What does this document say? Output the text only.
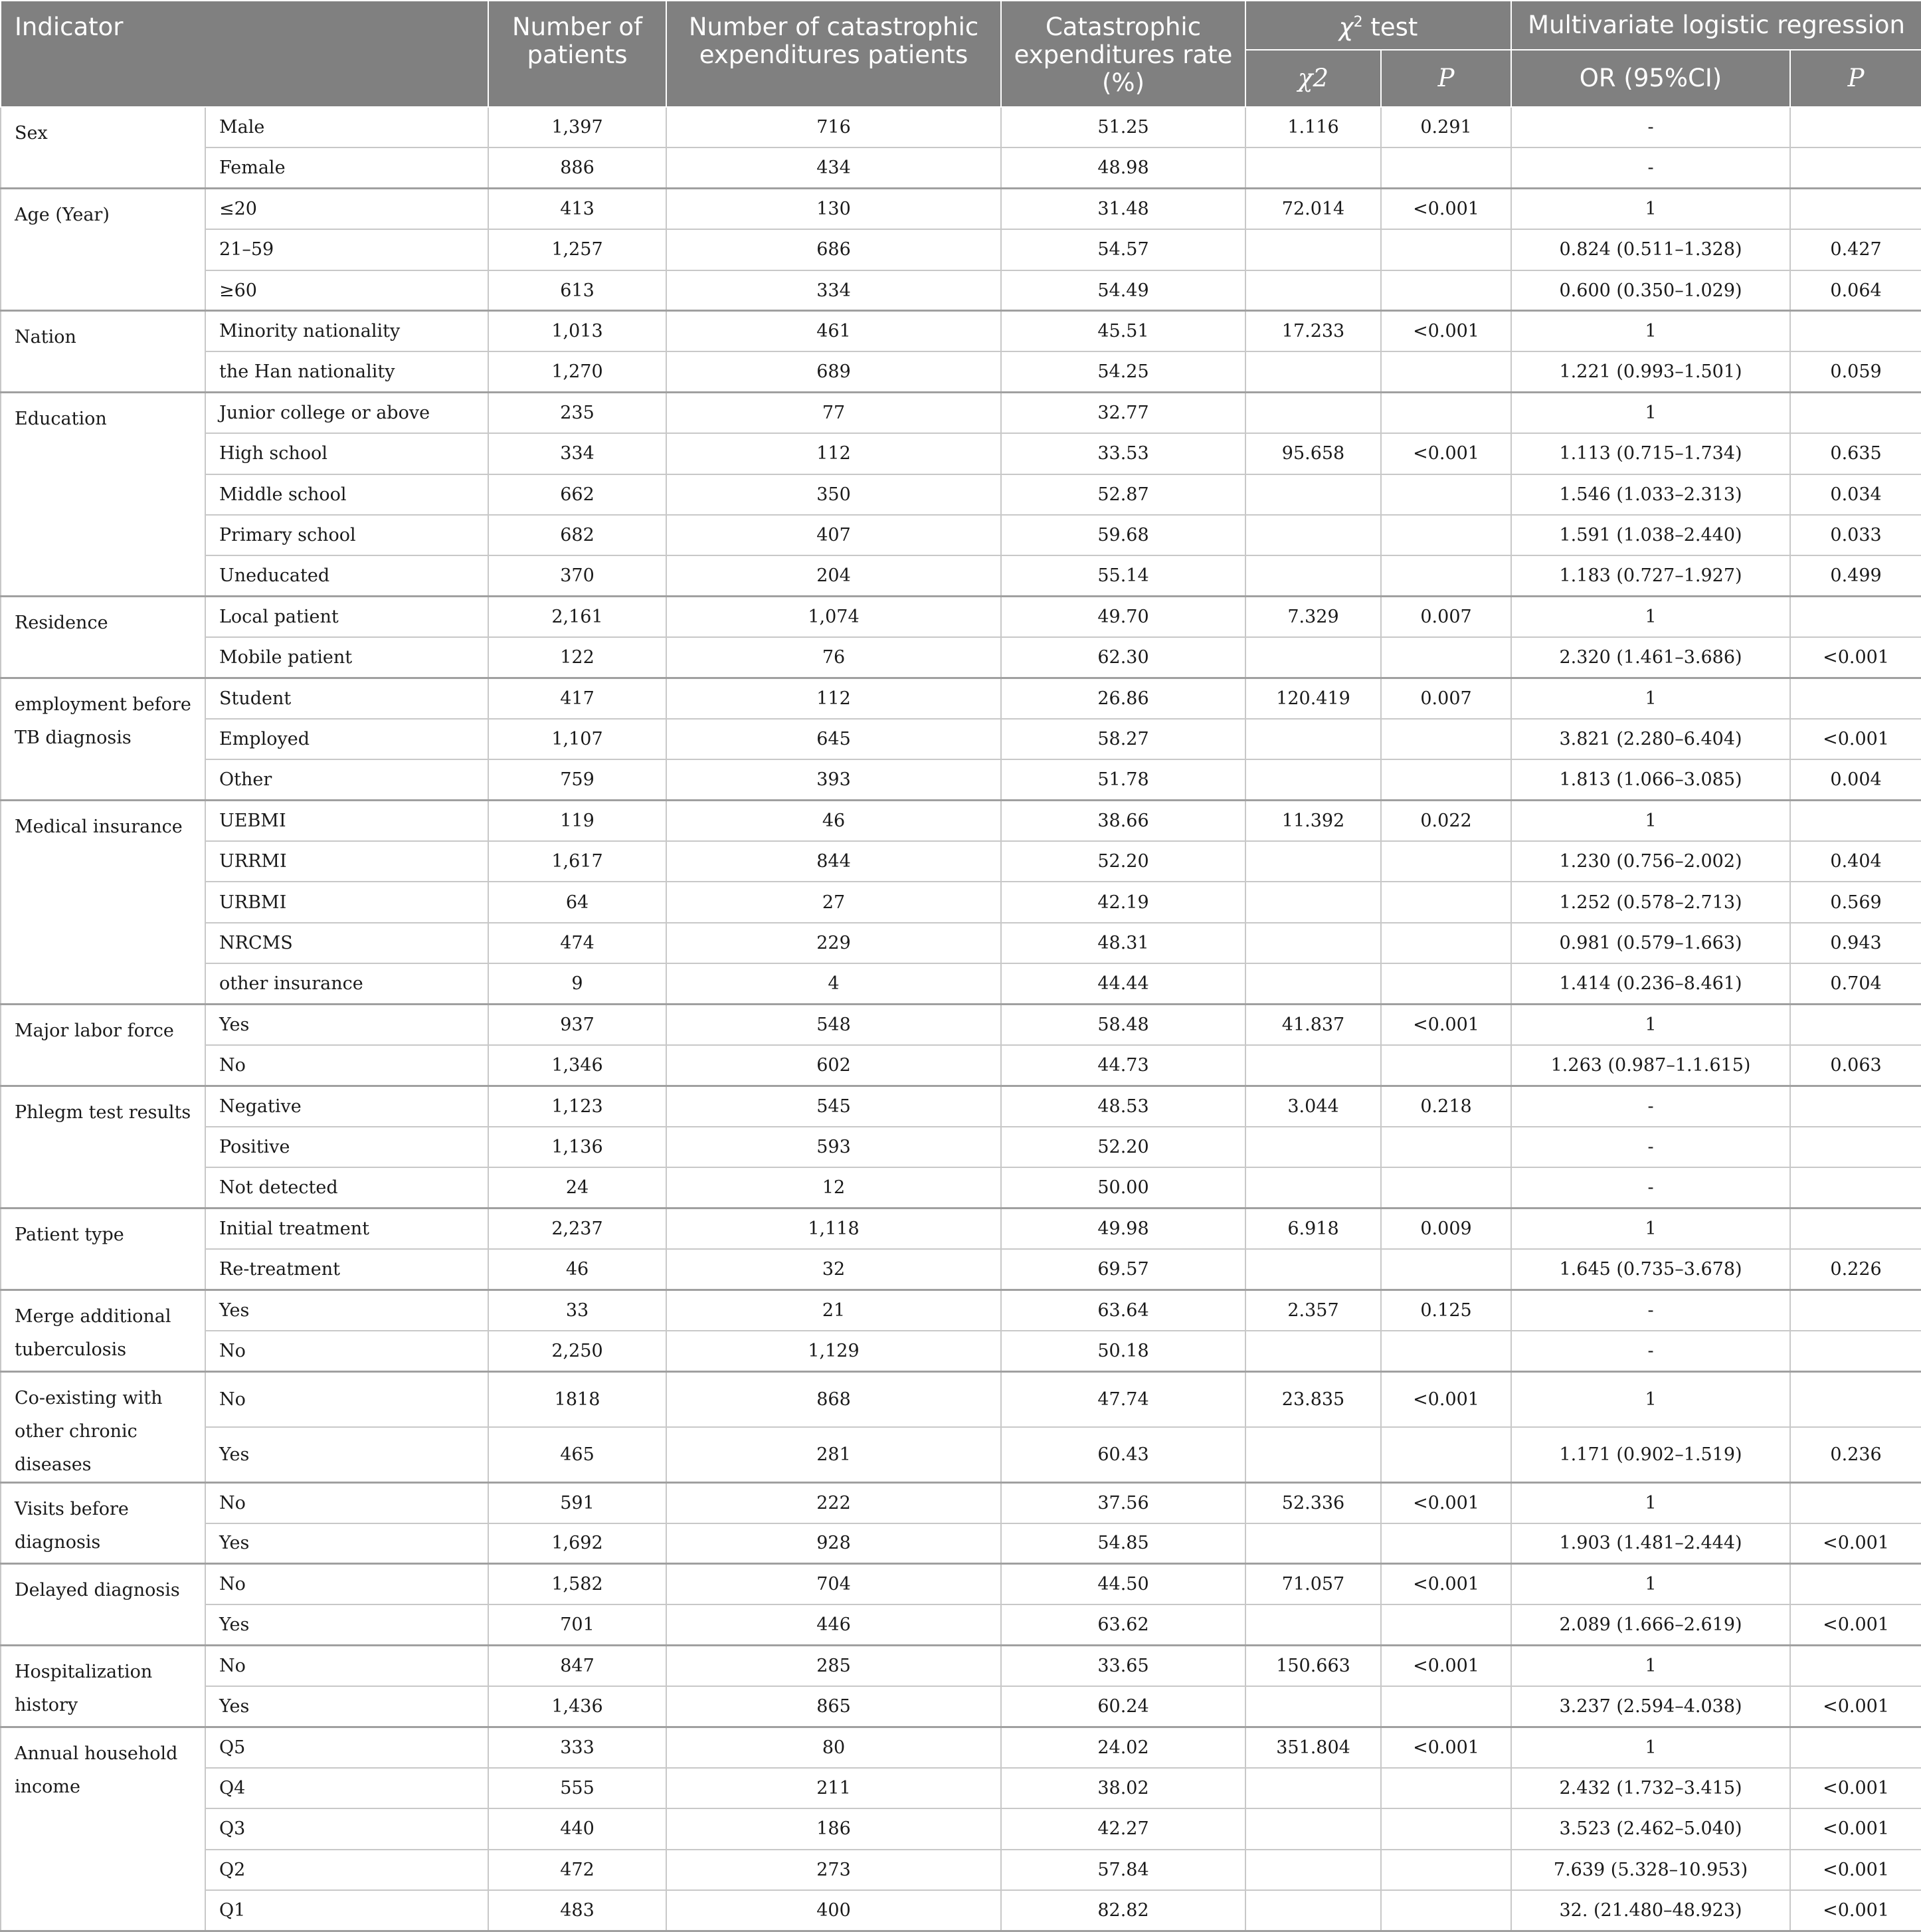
Indicator		Number of patients	Number of catastrophic expenditures patients	Catastrophic expenditures rate (%)	$\chi^2$ test		Multivariate logistic regression	
					χ2	P	OR (95%CI)	P
Sex	Male	1,397	716	51.25	1.116	0.291	-	
	Female	886	434	48.98			-	
Age (Year)	≤20	413	130	31.48	72.014	<0.001	1	
	21–59	1,257	686	54.57			0.824 (0.511–1.328)	0.427
	≥60	613	334	54.49			0.600 (0.350–1.029)	0.064
Nation	Minority nationality	1,013	461	45.51	17.233	<0.001	1	
	the Han nationality	1,270	689	54.25			1.221 (0.993–1.501)	0.059
Education	Junior college or above	235	77	32.77			1	
	High school	334	112	33.53	95.658	<0.001	1.113 (0.715–1.734)	0.635
	Middle school	662	350	52.87			1.546 (1.033–2.313)	0.034
	Primary school	682	407	59.68			1.591 (1.038–2.440)	0.033
	Uneducated	370	204	55.14			1.183 (0.727–1.927)	0.499
Residence	Local patient	2,161	1,074	49.70	7.329	0.007	1	
	Mobile patient	122	76	62.30			2.320 (1.461–3.686)	<0.001
employment before TB diagnosis	Student	417	112	26.86	120.419	0.007	1	
	Employed	1,107	645	58.27			3.821 (2.280–6.404)	<0.001
	Other	759	393	51.78			1.813 (1.066–3.085)	0.004
Medical insurance	UEBMI	119	46	38.66	11.392	0.022	1	
	URRMI	1,617	844	52.20			1.230 (0.756–2.002)	0.404
	URBMI	64	27	42.19			1.252 (0.578–2.713)	0.569
	NRCMS	474	229	48.31			0.981 (0.579–1.663)	0.943
	other insurance	9	4	44.44			1.414 (0.236–8.461)	0.704
Major labor force	Yes	937	548	58.48	41.837	<0.001	1	
	No	1,346	602	44.73			1.263 (0.987–1.1.615)	0.063
Phlegm test results	Negative	1,123	545	48.53	3.044	0.218	-	
	Positive	1,136	593	52.20			-	
	Not detected	24	12	50.00			-	
Patient type	Initial treatment	2,237	1,118	49.98	6.918	0.009	1	
	Re-treatment	46	32	69.57			1.645 (0.735–3.678)	0.226
Merge additional tuberculosis	Yes	33	21	63.64	2.357	0.125	-	
	No	2,250	1,129	50.18			-	
Co-existing with other chronic diseases	No	1818	868	47.74	23.835	<0.001	1	
	Yes	465	281	60.43			1.171 (0.902–1.519)	0.236
Visits before diagnosis	No	591	222	37.56	52.336	<0.001	1	
	Yes	1,692	928	54.85			1.903 (1.481–2.444)	<0.001
Delayed diagnosis	No	1,582	704	44.50	71.057	<0.001	1	
	Yes	701	446	63.62			2.089 (1.666–2.619)	<0.001
Hospitalization history	No	847	285	33.65	150.663	<0.001	1	
	Yes	1,436	865	60.24			3.237 (2.594–4.038)	<0.001
Annual household income	Q5	333	80	24.02	351.804	<0.001	1	
	Q4	555	211	38.02			2.432 (1.732–3.415)	<0.001
	Q3	440	186	42.27			3.523 (2.462–5.040)	<0.001
	Q2	472	273	57.84			7.639 (5.328–10.953)	<0.001
	Q1	483	400	82.82			32. (21.480–48.923)	<0.001
